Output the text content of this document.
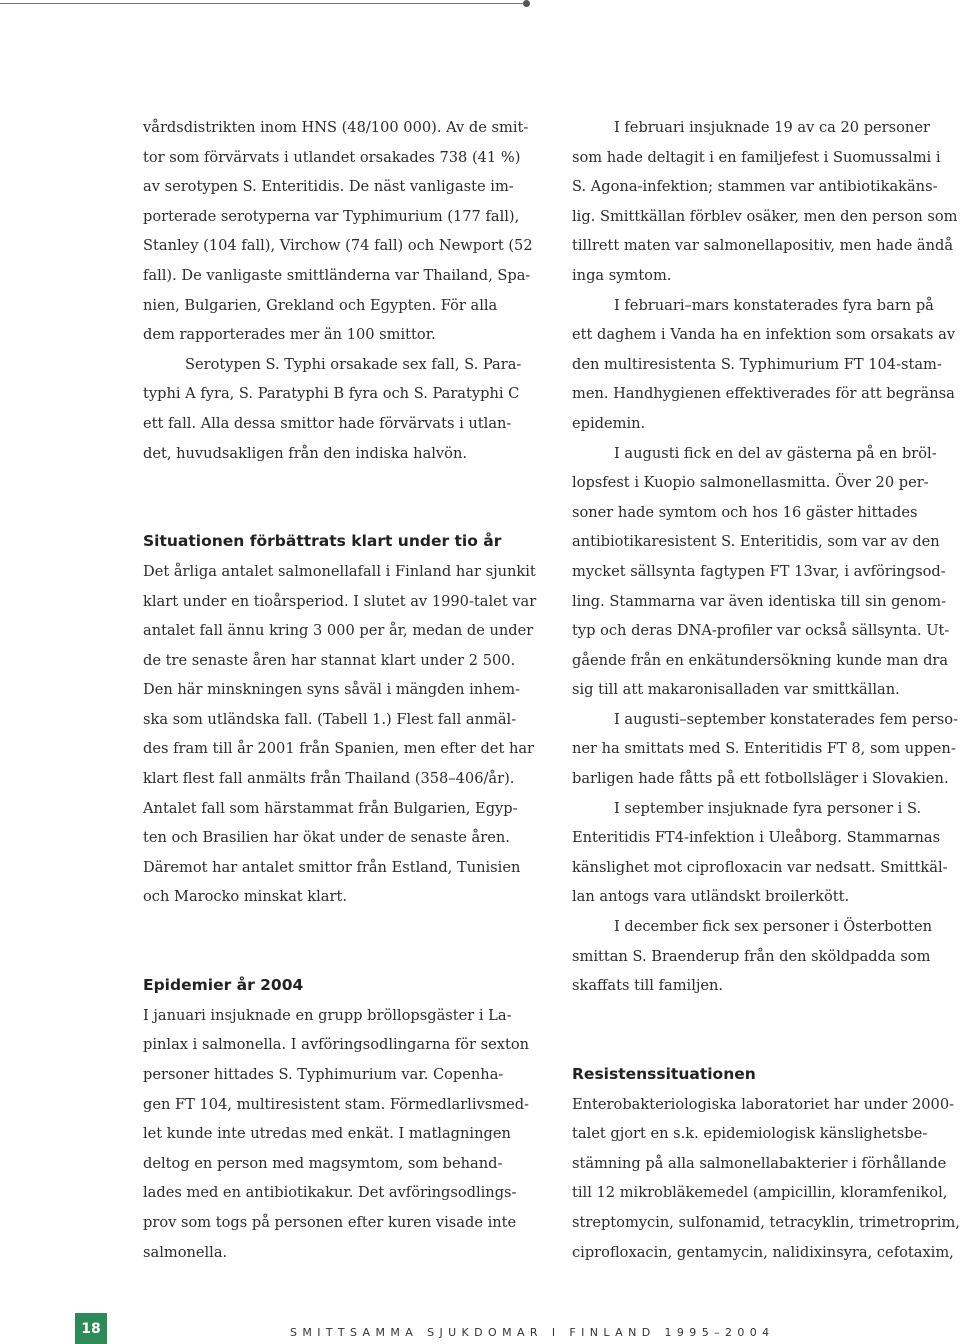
vårdsdistrikten inom HNS (48/100 000). Av de smit-

tor som förvärvats i utlandet orsakades 738 (41 %)

av serotypen S. Enteritidis. De näst vanligaste im-

porterade serotyperna var Typhimurium (177 fall),

Stanley (104 fall), Virchow (74 fall) och Newport (52

fall). De vanligaste smittländerna var Thailand, Spa-

nien, Bulgarien, Grekland och Egypten. För alla

dem rapporterades mer än 100 smittor.

Serotypen S. Typhi orsakade sex fall, S. Para-

typhi A fyra, S. Paratyphi B fyra och S. Paratyphi C

ett fall. Alla dessa smittor hade förvärvats i utlan-

det, huvudsakligen från den indiska halvön.

Situationen förbättrats klart under tio år

Det årliga antalet salmonellafall i Finland har sjunkit

klart under en tioårsperiod. I slutet av 1990-talet var

antalet fall ännu kring 3 000 per år, medan de under

de tre senaste åren har stannat klart under 2 500.

Den här minskningen syns såväl i mängden inhem-

ska som utländska fall. (Tabell 1.) Flest fall anmäl-

des fram till år 2001 från Spanien, men efter det har

klart flest fall anmälts från Thailand (358–406/år).

Antalet fall som härstammat från Bulgarien, Egyp-

ten och Brasilien har ökat under de senaste åren.

Däremot har antalet smittor från Estland, Tunisien

och Marocko minskat klart.

Epidemier år 2004

I januari insjuknade en grupp bröllopsgäster i La-

pinlax i salmonella. I avföringsodlingarna för sexton

personer hittades S. Typhimurium var. Copenha-

gen FT 104, multiresistent stam. Förmedlarlivsmed-

let kunde inte utredas med enkät. I matlagningen

deltog en person med magsymtom, som behand-

lades med en antibiotikakur. Det avföringsodlings-

prov som togs på personen efter kuren visade inte

salmonella.

I februari insjuknade 19 av ca 20 personer

som hade deltagit i en familjefest i Suomussalmi i

S. Agona-infektion; stammen var antibiotikakäns-

lig. Smittkällan förblev osäker, men den person som

tillrett maten var salmonellapositiv, men hade ändå

inga symtom.

I februari–mars konstaterades fyra barn på

ett daghem i Vanda ha en infektion som orsakats av

den multiresistenta S. Typhimurium FT 104-stam-

men. Handhygienen effektiverades för att begränsa

epidemin.

I augusti fick en del av gästerna på en bröl-

lopsfest i Kuopio salmonellasmitta. Över 20 per-

soner hade symtom och hos 16 gäster hittades

antibiotikaresistent S. Enteritidis, som var av den

mycket sällsynta fagtypen FT 13var, i avföringsod-

ling. Stammarna var även identiska till sin genom-

typ och deras DNA-profiler var också sällsynta. Ut-

gående från en enkätundersökning kunde man dra

sig till att makaronisalladen var smittkällan.

I augusti–september konstaterades fem perso-

ner ha smittats med S. Enteritidis FT 8, som uppen-

barligen hade fåtts på ett fotbollsläger i Slovakien.

I september insjuknade fyra personer i S.

Enteritidis FT4-infektion i Uleåborg. Stammarnas

känslighet mot ciprofloxacin var nedsatt. Smittkäl-

lan antogs vara utländskt broilerkött.

I december fick sex personer i Österbotten

smittan S. Braenderup från den sköldpadda som

skaffats till familjen.

Resistenssituationen

Enterobakteriologiska laboratoriet har under 2000-

talet gjort en s.k. epidemiologisk känslighetsbe-

stämning på alla salmonellabakterier i förhållande

till 12 mikrobläkemedel (ampicillin, kloramfenikol,

streptomycin, sulfonamid, tetracyklin, trimetroprim,

ciprofloxacin, gentamycin, nalidixinsyra, cefotaxim,

18	SMITTSAMMA SJUKDOMAR I FINLAND 1995–2004
